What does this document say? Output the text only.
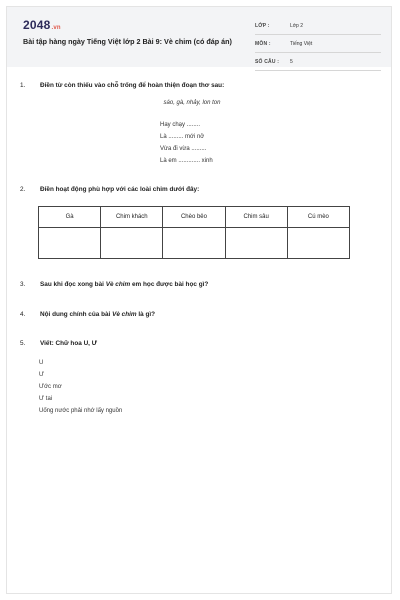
2048.vn
Bài tập hàng ngày Tiếng Việt lớp 2 Bài 9: Vè chim (có đáp án)
LỚP :	Lớp 2
MÔN :	Tiếng Việt
SỐ CÂU : 5
1. Điền từ còn thiếu vào chỗ trống để hoàn thiện đoạn thơ sau:
sáo, gà, nhảy, lon ton
Hay chạy ........
Là ......... mới nở
Vừa đi vừa .........
Là em ............. xinh
2. Điền hoạt động phù hợp với các loài chim dưới đây:
Gà	Chim khách	Chèo bẻo	Chim sâu	Cú mèo

3. Sau khi đọc xong bài Vè chim em học được bài học gì?
4. Nội dung chính của bài Vè chim là gì?
5. Viết: Chữ hoa U, Ư
U
Ư
Ước mơ
Ư tai
Uống nước phải nhớ lấy nguồn
